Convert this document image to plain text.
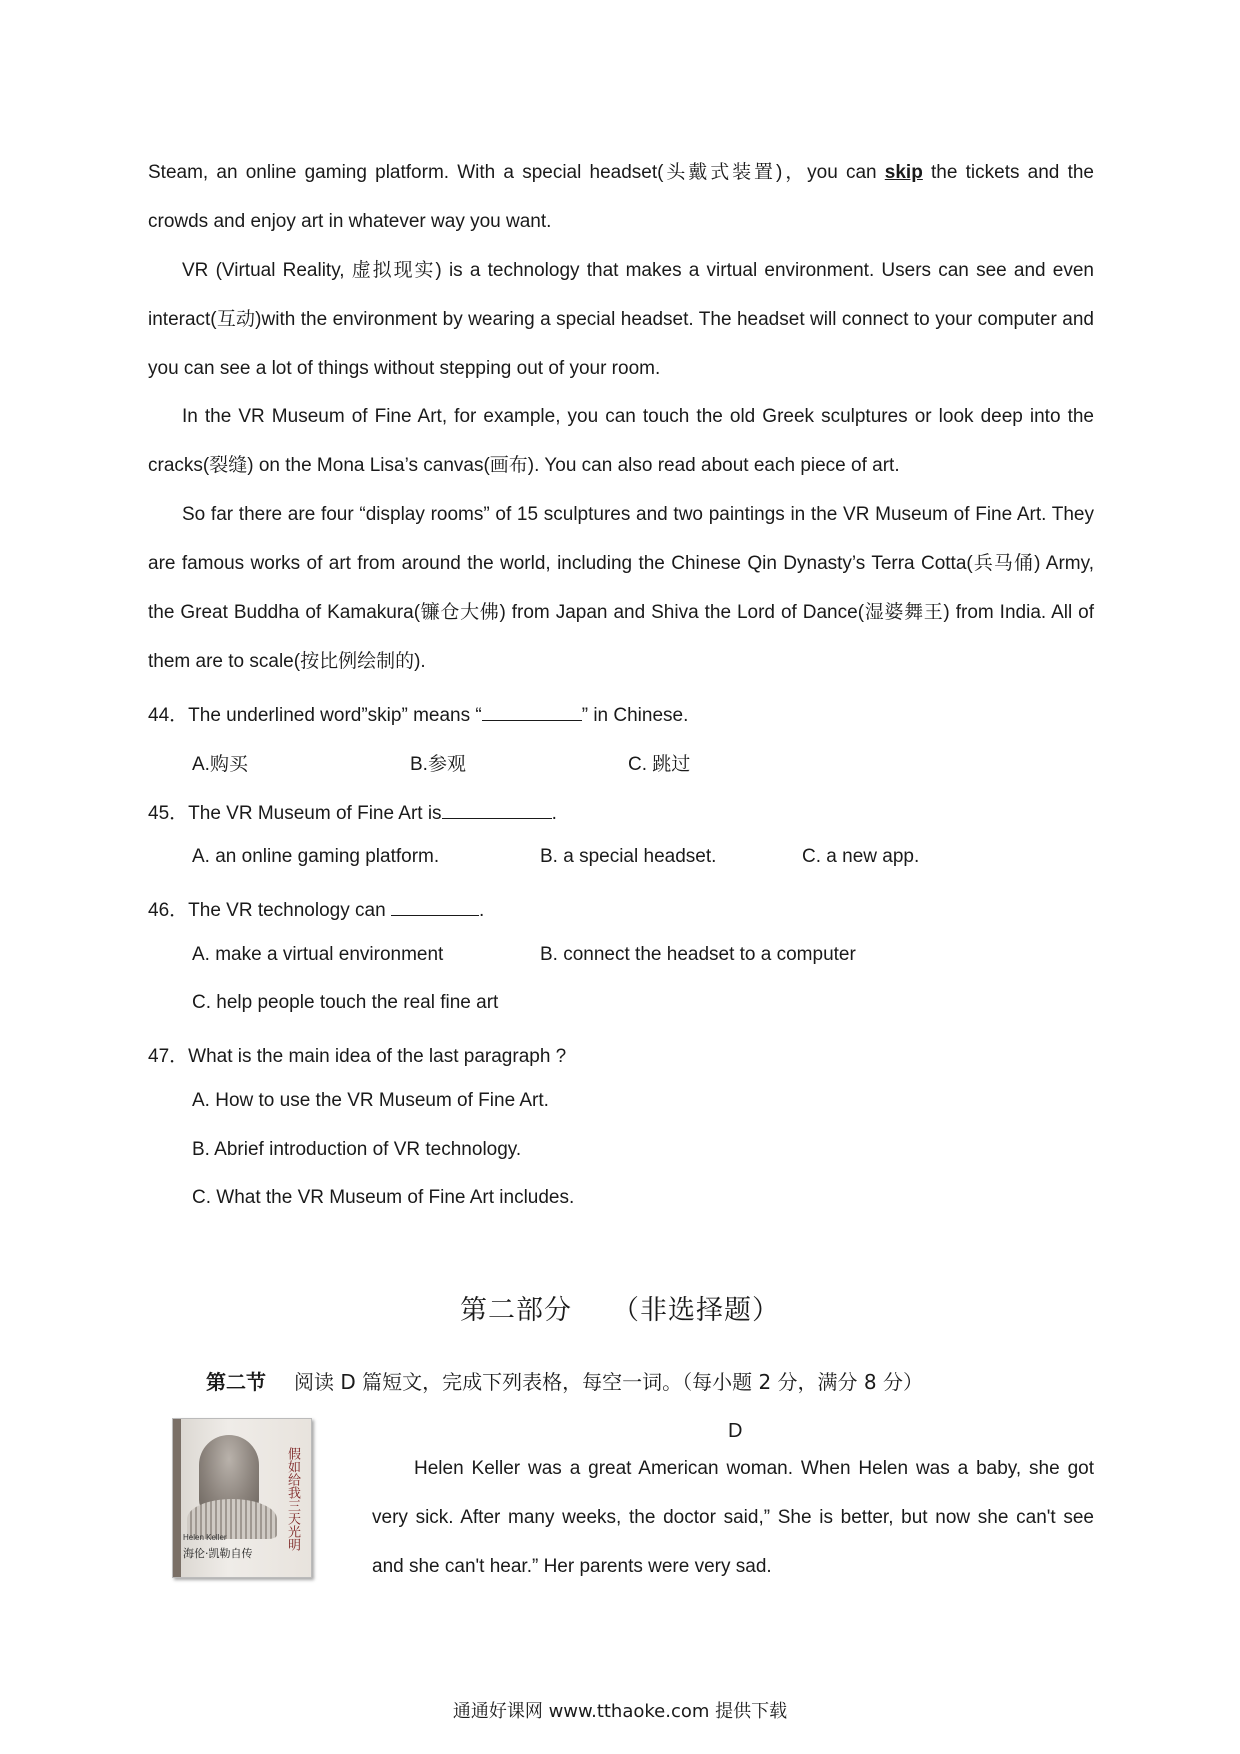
Steam, an online gaming platform. With a special headset(头戴式装置)，you can skip the tickets and the crowds and enjoy art in whatever way you want.

VR (Virtual Reality, 虚拟现实) is a technology that makes a virtual environment. Users can see and even interact(互动)with the environment by wearing a special headset. The headset will connect to your computer and you can see a lot of things without stepping out of your room.

In the VR Museum of Fine Art, for example, you can touch the old Greek sculptures or look deep into the cracks(裂缝) on the Mona Lisa’s canvas(画布). You can also read about each piece of art.

So far there are four “display rooms” of 15 sculptures and two paintings in the VR Museum of Fine Art. They are famous works of art from around the world, including the Chinese Qin Dynasty’s Terra Cotta(兵马俑) Army, the Great Buddha of Kamakura(镰仓大佛) from Japan and Shiva the Lord of Dance(湿婆舞王) from India. All of them are to scale(按比例绘制的).

44．The underlined word”skip” means “	” in Chinese.
A.购买	B.参观	C. 跳过
45．The VR Museum of Fine Art is	.
A. an online gaming platform.	B. a special headset.	C. a new app.
46．The VR technology can	.
A. make a virtual environment	B. connect the headset to a computer
C. help people touch the real fine art
47．What is the main idea of the last paragraph ?
A. How to use the VR Museum of Fine Art.
B. Abrief introduction of VR technology.
C. What the VR Museum of Fine Art includes.
第二部分 （非选择题）
第二节 阅读 D 篇短文，完成下列表格，每空一词。（每小题 2 分，满分 8 分）
D
假如给我三天光明
Helen Keller
海伦·凯勒自传

Helen Keller was a great American woman. When Helen was a baby, she got very sick. After many weeks, the doctor said,” She is better, but now she can't see and she can't hear.” Her parents were very sad.

通通好课网 www.tthaoke.com 提供下载
